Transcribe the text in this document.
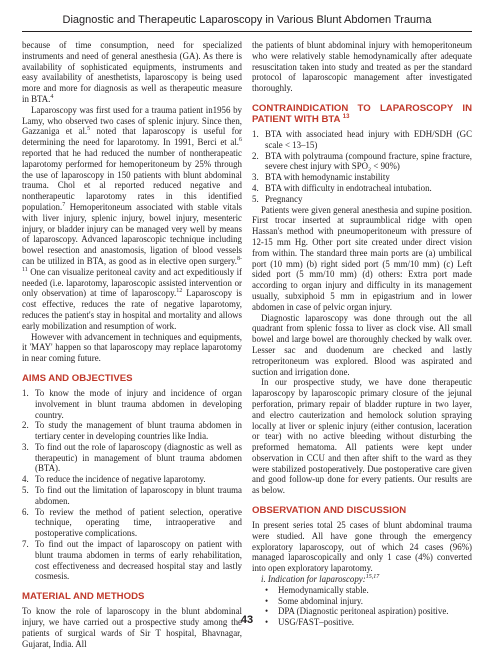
Diagnostic and Therapeutic Laparoscopy in Various Blunt Abdomen Trauma

because of time consumption, need for specialized instruments and need of general anesthesia (GA). As there is availability of sophisticated equipments, instruments and easy availability of anesthetists, laparoscopy is being used more and more for diagnosis as well as therapeutic measure in BTA.$^4$

Laparoscopy was first used for a trauma patient in1956 by Lamy, who observed two cases of splenic injury. Since then, Gazzaniga et al.$^5$ noted that laparoscopy is useful for determining the need for laparotomy. In 1991, Berci et al.$^6$ reported that he had reduced the number of nontherapeatic laparotomy performed for hemoperitoneum by 25% through the use of laparoscopy in 150 patients with blunt abdominal trauma. Chol et al reported reduced negative and nontherapeutic laparotomy rates in this identified population.$^7$ Hemoperitoneum associated with stable vitals with liver injury, splenic injury, bowel injury, mesenteric injury, or bladder injury can be managed very well by means of laparoscopy. Advanced laparoscopic technique including bowel resection and anastomosis, ligation of blood vessels can be utilized in BTA, as good as in elective open surgery.$^{8-11}$ One can visualize peritoneal cavity and act expeditiously if needed (i.e. laparotomy, laparoscopic assisted intervention or only observation) at time of laparoscopy.$^{12}$ Laparoscopy is cost effective, reduces the rate of negative laparotomy, reduces the patient's stay in hospital and mortality and allows early mobilization and resumption of work.

However with advancement in techniques and equipments, it 'MAY' happen so that laparoscopy may replace laparotomy in near coming future.

AIMS AND OBJECTIVES
1. To know the mode of injury and incidence of organ involvement in blunt trauma abdomen in developing country.
2. To study the management of blunt trauma abdomen in tertiary center in developing countries like India.
3. To find out the role of laparoscopy (diagnostic as well as therapeutic) in management of blunt trauma abdomen (BTA).
4. To reduce the incidence of negative laparotomy.
5. To find out the limitation of laparoscopy in blunt trauma abdomen.
6. To review the method of patient selection, operative technique, operating time, intraoperative and postoperative complications.
7. To find out the impact of laparoscopy on patient with blunt trauma abdomen in terms of early rehabilitation, cost effectiveness and decreased hospital stay and lastly cosmesis.
MATERIAL AND METHODS

To know the role of laparoscopy in the blunt abdominal injury, we have carried out a prospective study among the patients of surgical wards of Sir T hospital, Bhavnagar, Gujarat, India. All

the patients of blunt abdominal injury with hemoperitoneum who were relatively stable hemodynamically after adequate resuscitation taken into study and treated as per the standard protocol of laparoscopic management after investigated thoroughly.

CONTRAINDICATION TO LAPAROSCOPY IN PATIENT WITH BTA $^{13}$
1. BTA with associated head injury with EDH/SDH (GC scale < 13–15)
2. BTA with polytrauma (compound fracture, spine fracture, severe chest injury with SPO₂ < 90%)
3. BTA with hemodynamic instability
4. BTA with difficulty in endotracheal intubation.
5. Pregnancy

Patients were given general anesthesia and supine position. First trocar inserted at supraumblical ridge with open Hassan's method with pneumoperitoneum with pressure of 12-15 mm Hg. Other port site created under direct vision from within. The standard three main ports are (a) umbilical port (10 mm) (b) right sided port (5 mm/10 mm) (c) Left sided port (5 mm/10 mm) (d) others: Extra port made according to organ injury and difficulty in its management usually, subxiphoid 5 mm in epigastrium and in lower abdomen in case of pelvic organ injury.

Diagnostic laparoscopy was done through out the all quadrant from splenic fossa to liver as clock vise. All small bowel and large bowel are thoroughly checked by walk over. Lesser sac and duodenum are checked and lastly retroperitoneum was explored. Blood was aspirated and suction and irrigation done.

In our prospective study, we have done therapeutic laparoscopy by laparoscopic primary closure of the jejunal perforation, primary repair of bladder rupture in two layer, and electro cauterization and hemolock solution spraying locally at liver or splenic injury (either contusion, laceration or tear) with no active bleeding without disturbing the preformed hematoma. All patients were kept under observation in CCU and then after shift to the ward as they were stabilized postoperatively. Due postoperative care given and good follow-up done for every patients. Our results are as below.

OBSERVATION AND DISCUSSION

In present series total 25 cases of blunt abdominal trauma were studied. All have gone through the emergency exploratory laparoscopy, out of which 24 cases (96%) managed laparoscopically and only 1 case (4%) converted into open exploratory laparotomy.

i. Indication for laparoscopy:$^{15,17}$
• Hemodynamically stable.
• Some abdominal injury.
• DPA (Diagnostic peritoneal aspiration) positive.
• USG/FAST–positive.
43
